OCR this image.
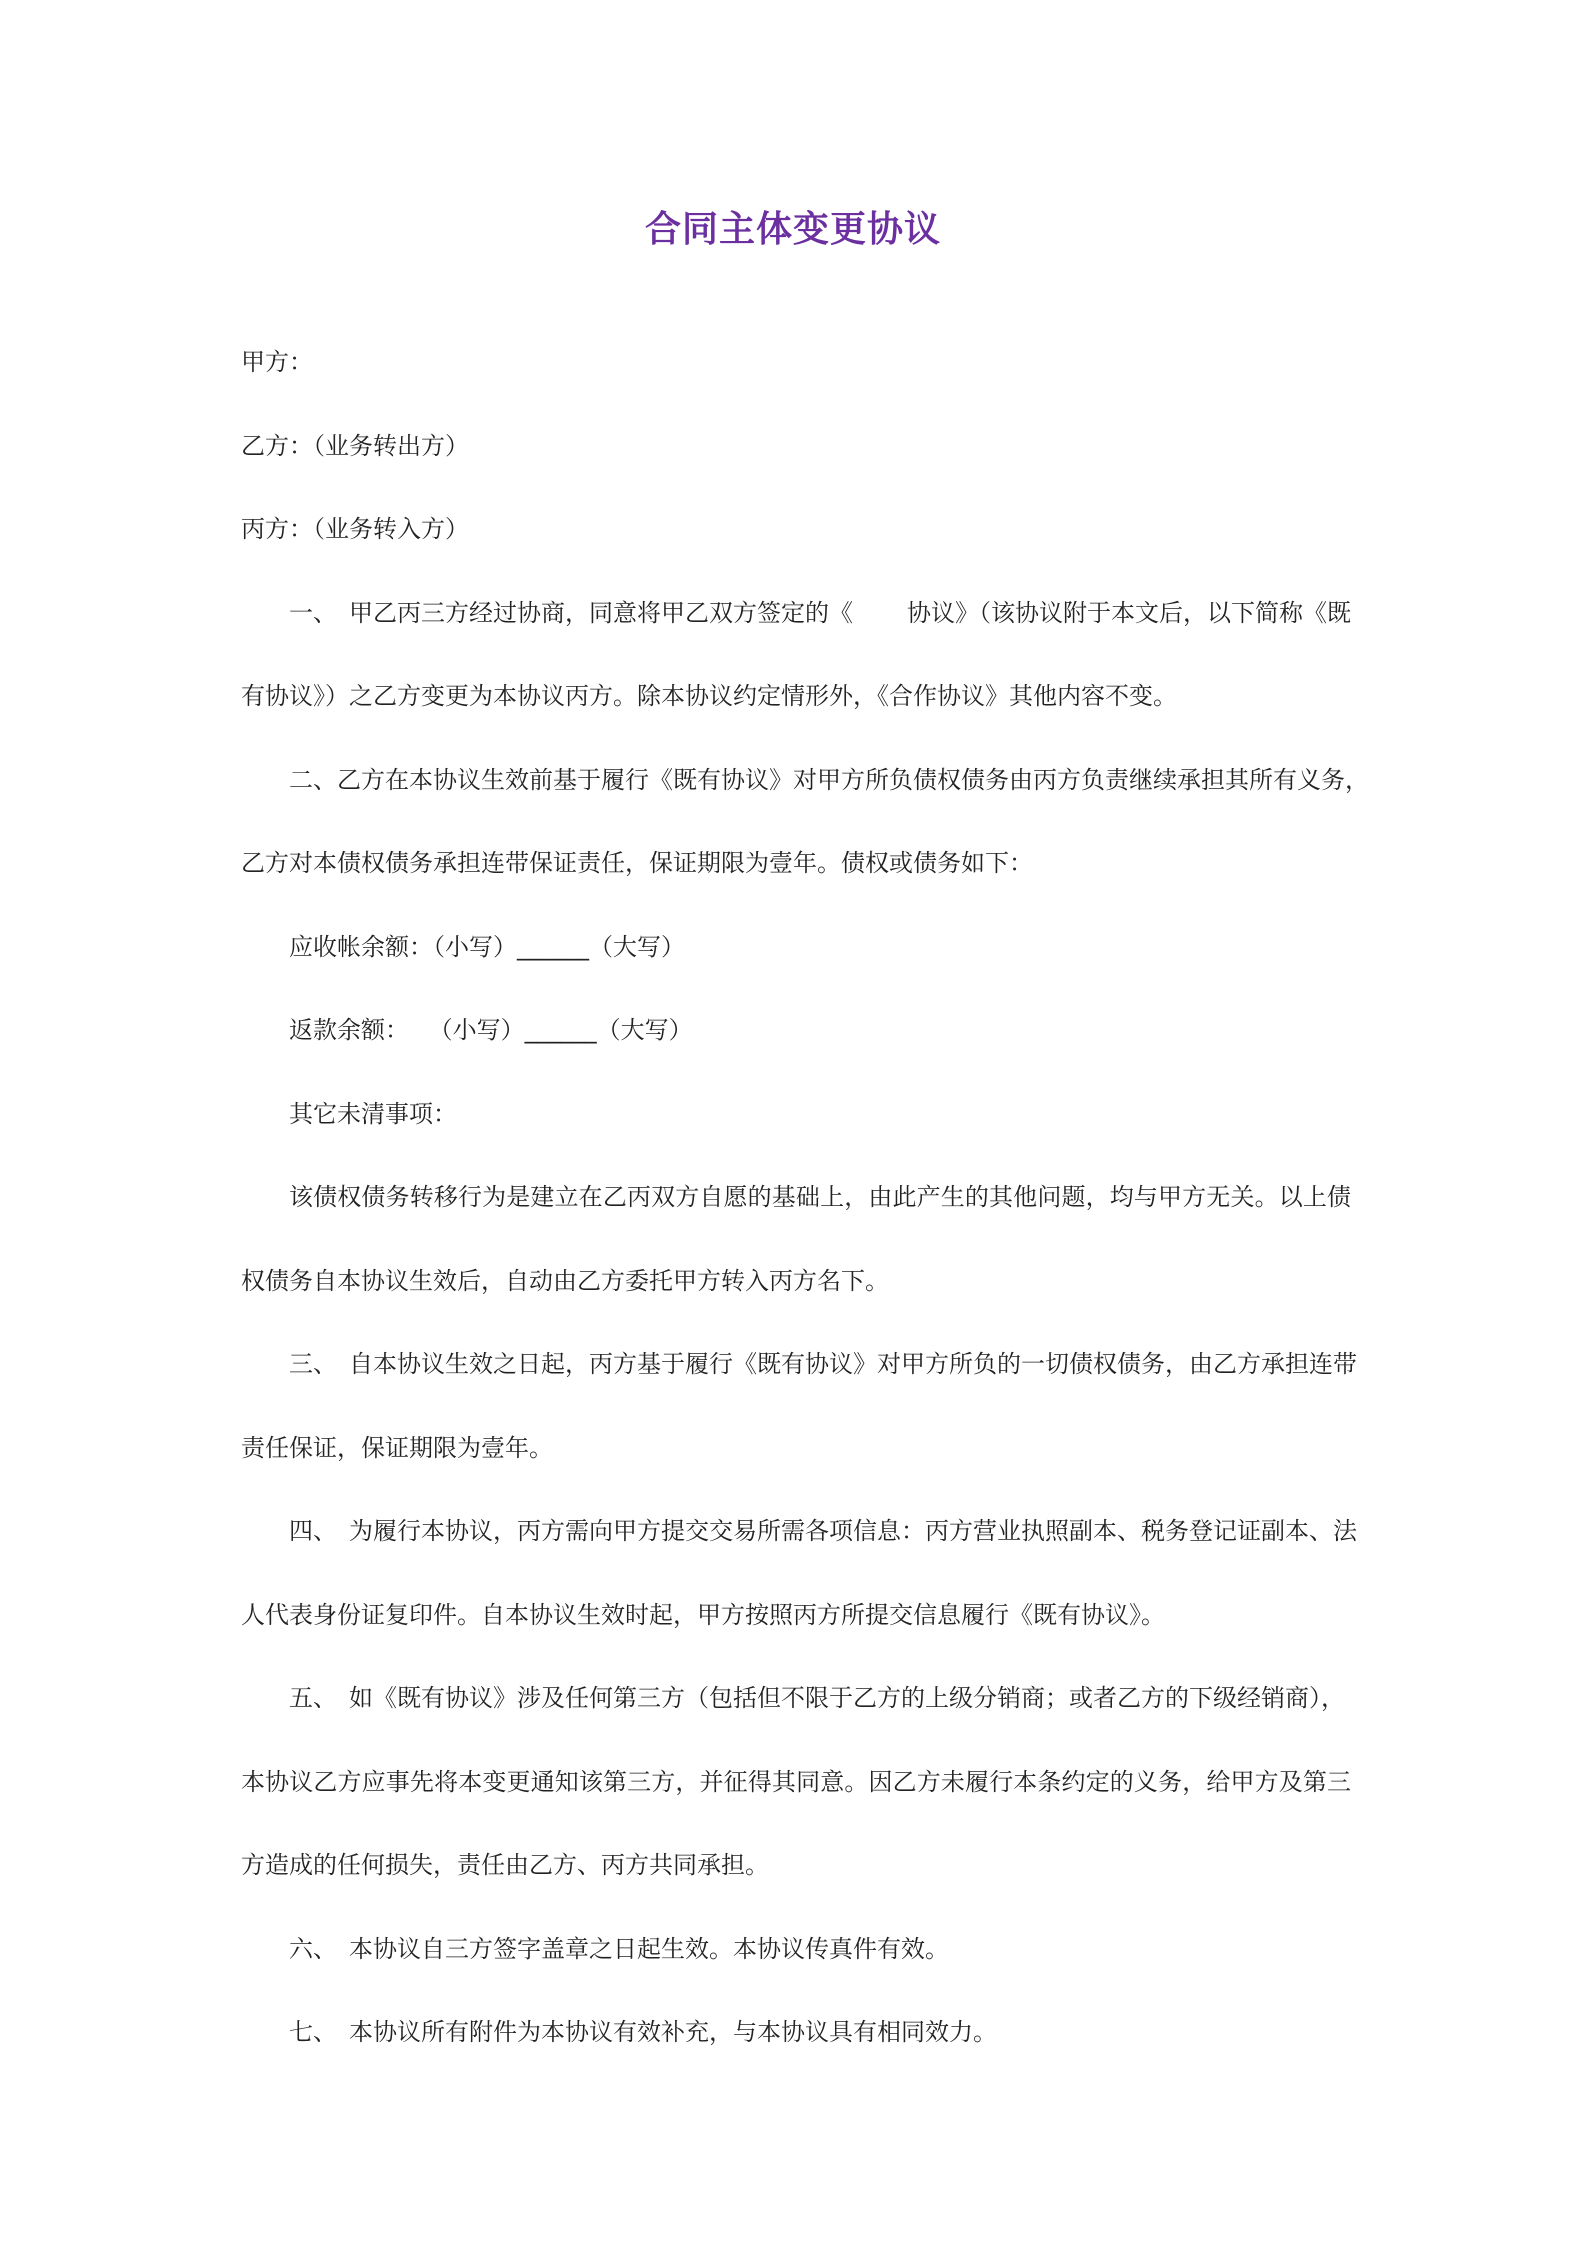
合同主体变更协议
甲方：
乙方：（业务转出方）
丙方：（业务转入方）
一、 甲乙丙三方经过协商，同意将甲乙双方签定的《 协议》（该协议附于本文后，以下简称《既
有协议》）之乙方变更为本协议丙方。除本协议约定情形外，《合作协议》其他内容不变。
二、乙方在本协议生效前基于履行《既有协议》对甲方所负债权债务由丙方负责继续承担其所有义务，
乙方对本债权债务承担连带保证责任，保证期限为壹年。债权或债务如下：
应收帐余额：（小写）______（大写）
返款余额：　 （小写）______（大写）
其它未清事项：
该债权债务转移行为是建立在乙丙双方自愿的基础上，由此产生的其他问题，均与甲方无关。以上债
权债务自本协议生效后，自动由乙方委托甲方转入丙方名下。
三、 自本协议生效之日起，丙方基于履行《既有协议》对甲方所负的一切债权债务，由乙方承担连带
责任保证，保证期限为壹年。
四、 为履行本协议，丙方需向甲方提交交易所需各项信息：丙方营业执照副本、税务登记证副本、法
人代表身份证复印件。自本协议生效时起，甲方按照丙方所提交信息履行《既有协议》。
五、 如《既有协议》涉及任何第三方（包括但不限于乙方的上级分销商；或者乙方的下级经销商），
本协议乙方应事先将本变更通知该第三方，并征得其同意。因乙方未履行本条约定的义务，给甲方及第三
方造成的任何损失，责任由乙方、丙方共同承担。
六、 本协议自三方签字盖章之日起生效。本协议传真件有效。
七、 本协议所有附件为本协议有效补充，与本协议具有相同效力。
